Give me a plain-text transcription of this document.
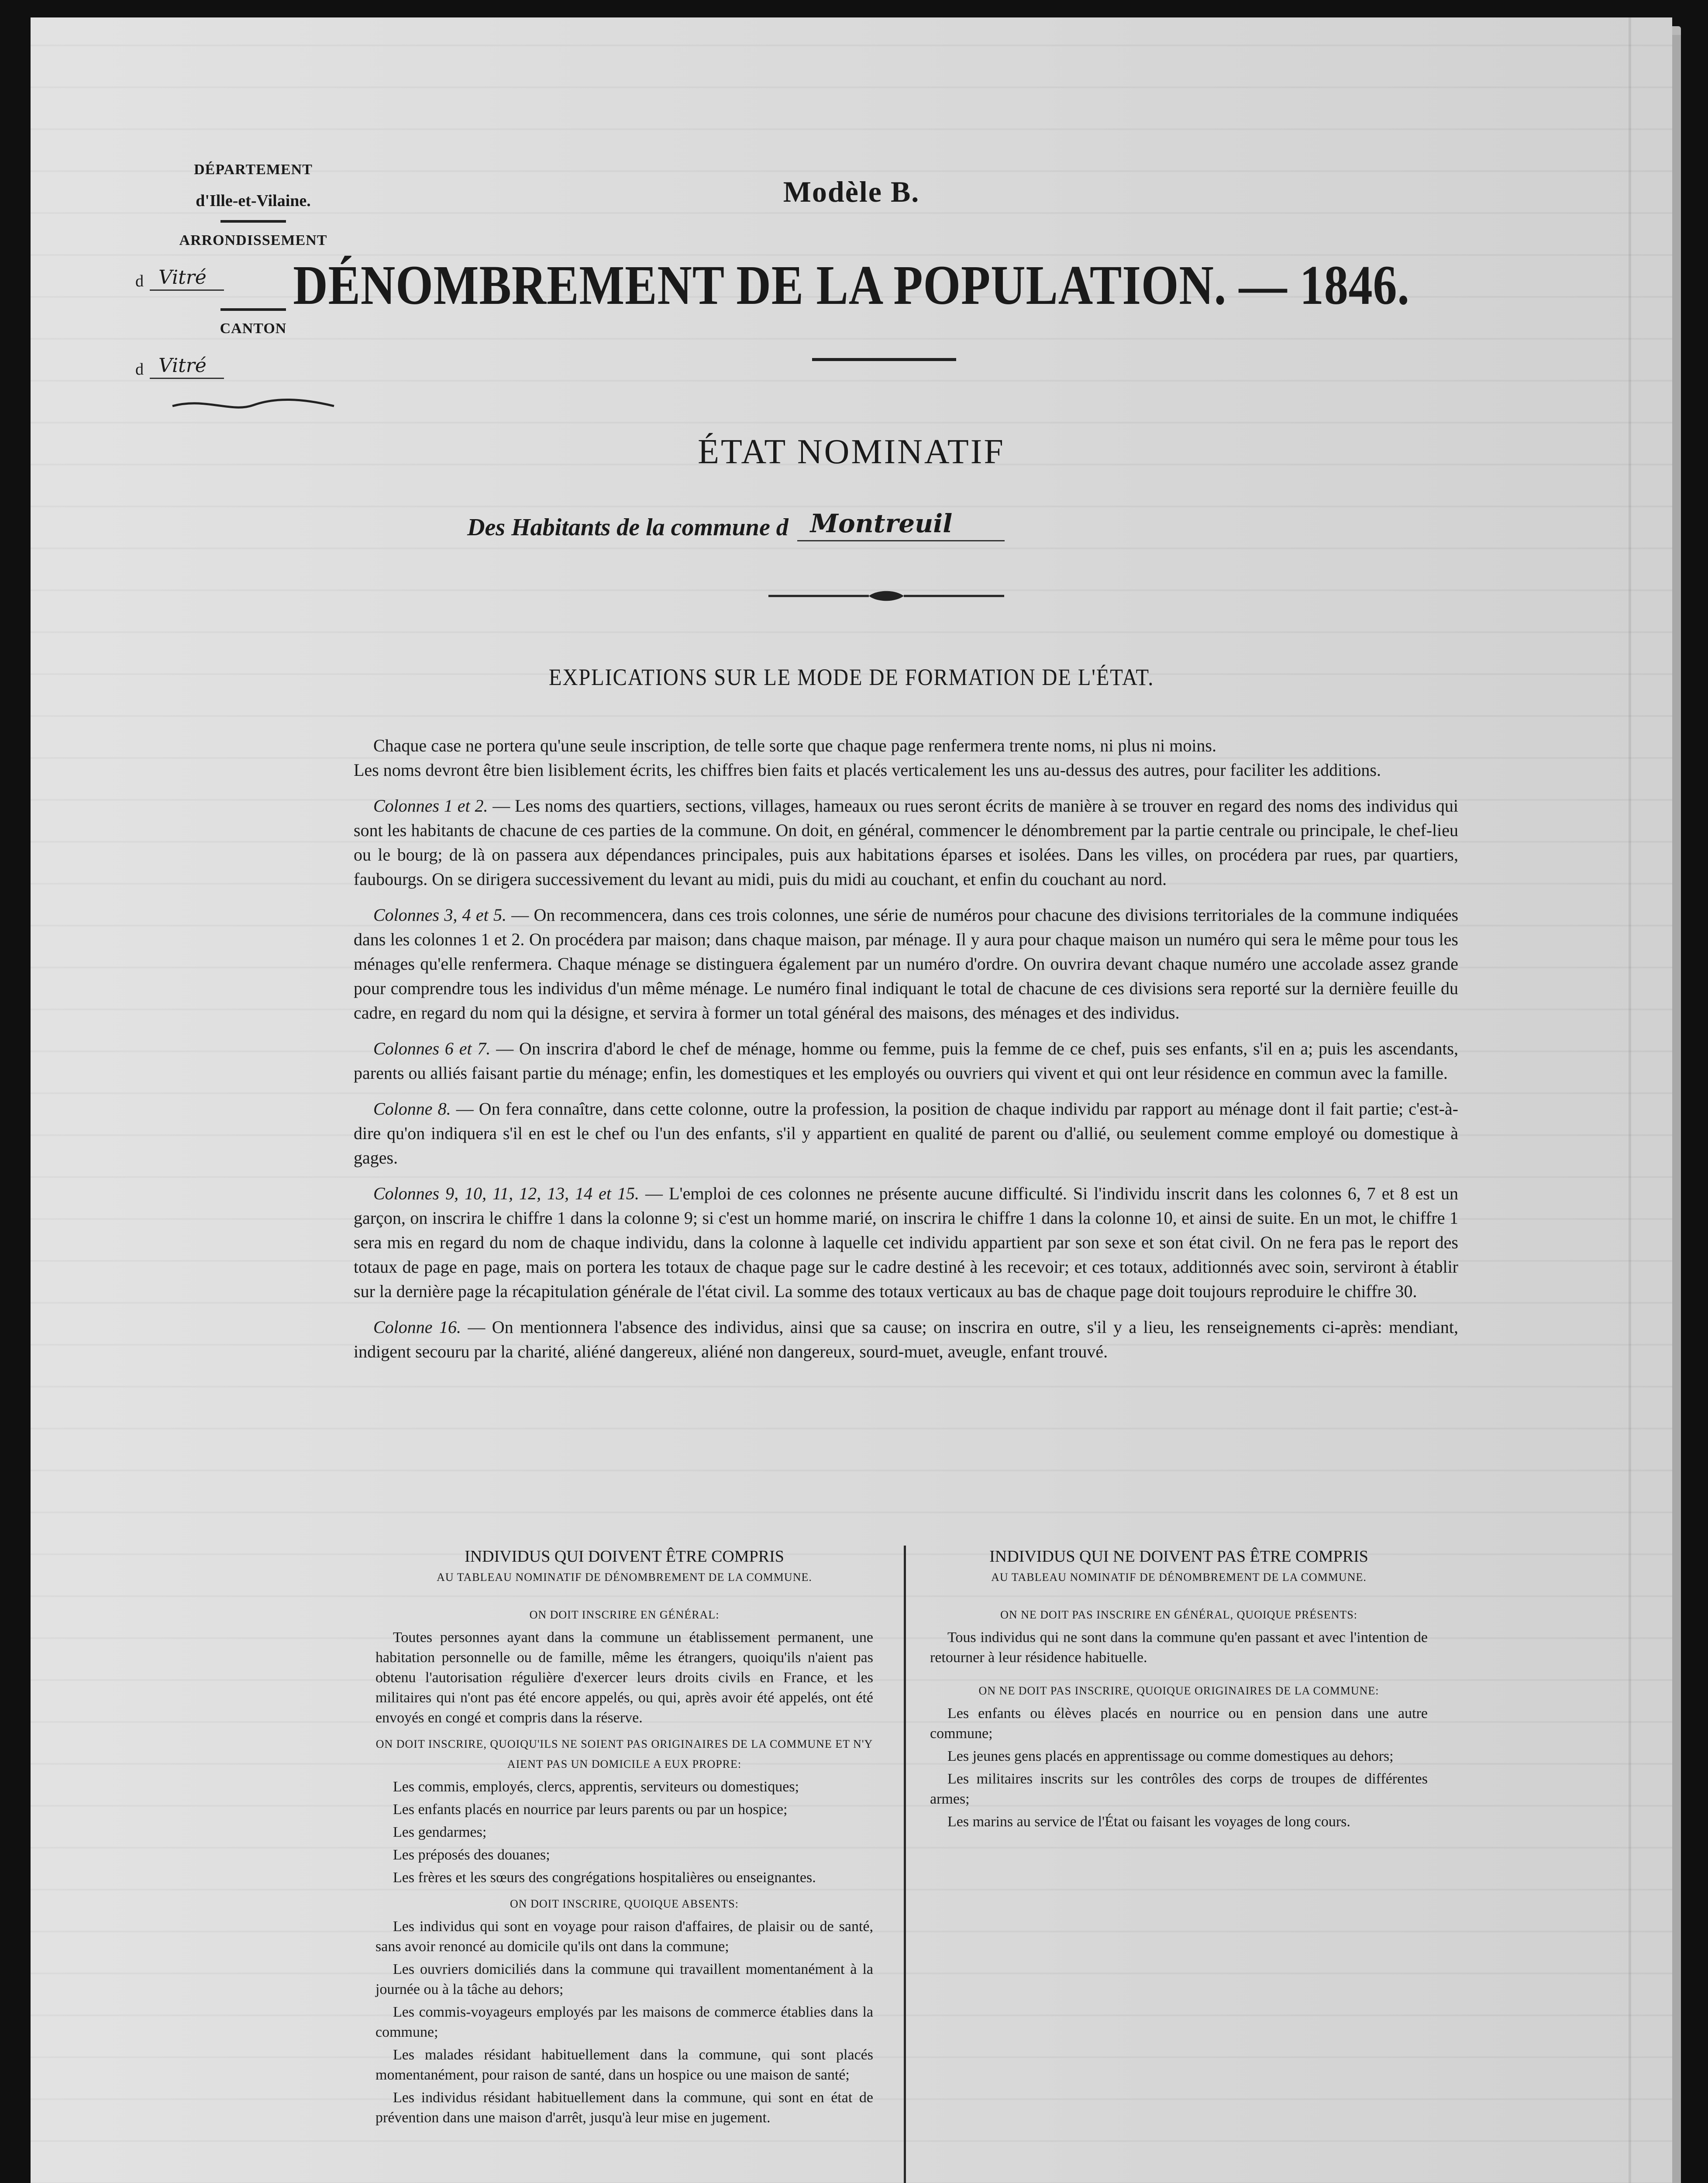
DÉPARTEMENT
d'Ille-et-Vilaine.
ARRONDISSEMENT
d Vitré
CANTON
d Vitré
Modèle B.
DÉNOMBREMENT DE LA POPULATION. — 1846.
ÉTAT NOMINATIF
Des Habitants de la commune d Montreuil
EXPLICATIONS SUR LE MODE DE FORMATION DE L'ÉTAT.

Chaque case ne portera qu'une seule inscription, de telle sorte que chaque page renfermera trente noms, ni plus ni moins.

Les noms devront être bien lisiblement écrits, les chiffres bien faits et placés verticalement les uns au-dessus des autres, pour faciliter les additions.

Colonnes 1 et 2. — Les noms des quartiers, sections, villages, hameaux ou rues seront écrits de manière à se trouver en regard des noms des individus qui sont les habitants de chacune de ces parties de la commune. On doit, en général, commencer le dénombrement par la partie centrale ou principale, le chef-lieu ou le bourg; de là on passera aux dépendances principales, puis aux habitations éparses et isolées. Dans les villes, on procédera par rues, par quartiers, faubourgs. On se dirigera successivement du levant au midi, puis du midi au couchant, et enfin du couchant au nord.

Colonnes 3, 4 et 5. — On recommencera, dans ces trois colonnes, une série de numéros pour chacune des divisions territoriales de la commune indiquées dans les colonnes 1 et 2. On procédera par maison; dans chaque maison, par ménage. Il y aura pour chaque maison un numéro qui sera le même pour tous les ménages qu'elle renfermera. Chaque ménage se distinguera également par un numéro d'ordre. On ouvrira devant chaque numéro une accolade assez grande pour comprendre tous les individus d'un même ménage. Le numéro final indiquant le total de chacune de ces divisions sera reporté sur la dernière feuille du cadre, en regard du nom qui la désigne, et servira à former un total général des maisons, des ménages et des individus.

Colonnes 6 et 7. — On inscrira d'abord le chef de ménage, homme ou femme, puis la femme de ce chef, puis ses enfants, s'il en a; puis les ascendants, parents ou alliés faisant partie du ménage; enfin, les domestiques et les employés ou ouvriers qui vivent et qui ont leur résidence en commun avec la famille.

Colonne 8. — On fera connaître, dans cette colonne, outre la profession, la position de chaque individu par rapport au ménage dont il fait partie; c'est-à-dire qu'on indiquera s'il en est le chef ou l'un des enfants, s'il y appartient en qualité de parent ou d'allié, ou seulement comme employé ou domestique à gages.

Colonnes 9, 10, 11, 12, 13, 14 et 15. — L'emploi de ces colonnes ne présente aucune difficulté. Si l'individu inscrit dans les colonnes 6, 7 et 8 est un garçon, on inscrira le chiffre 1 dans la colonne 9; si c'est un homme marié, on inscrira le chiffre 1 dans la colonne 10, et ainsi de suite. En un mot, le chiffre 1 sera mis en regard du nom de chaque individu, dans la colonne à laquelle cet individu appartient par son sexe et son état civil. On ne fera pas le report des totaux de page en page, mais on portera les totaux de chaque page sur le cadre destiné à les recevoir; et ces totaux, additionnés avec soin, serviront à établir sur la dernière page la récapitulation générale de l'état civil. La somme des totaux verticaux au bas de chaque page doit toujours reproduire le chiffre 30.

Colonne 16. — On mentionnera l'absence des individus, ainsi que sa cause; on inscrira en outre, s'il y a lieu, les renseignements ci-après: mendiant, indigent secouru par la charité, aliéné dangereux, aliéné non dangereux, sourd-muet, aveugle, enfant trouvé.

INDIVIDUS QUI DOIVENT ÊTRE COMPRIS
AU TABLEAU NOMINATIF DE DÉNOMBREMENT DE LA COMMUNE.
ON DOIT INSCRIRE EN GÉNÉRAL:

Toutes personnes ayant dans la commune un établissement permanent, une habitation personnelle ou de famille, même les étrangers, quoiqu'ils n'aient pas obtenu l'autorisation régulière d'exercer leurs droits civils en France, et les militaires qui n'ont pas été encore appelés, ou qui, après avoir été appelés, ont été envoyés en congé et compris dans la réserve.

ON DOIT INSCRIRE, QUOIQU'ILS NE SOIENT PAS ORIGINAIRES DE LA COMMUNE ET N'Y AIENT PAS UN DOMICILE A EUX PROPRE:

Les commis, employés, clercs, apprentis, serviteurs ou domestiques;

Les enfants placés en nourrice par leurs parents ou par un hospice;

Les gendarmes;

Les préposés des douanes;

Les frères et les sœurs des congrégations hospitalières ou enseignantes.

ON DOIT INSCRIRE, QUOIQUE ABSENTS:

Les individus qui sont en voyage pour raison d'affaires, de plaisir ou de santé, sans avoir renoncé au domicile qu'ils ont dans la commune;

Les ouvriers domiciliés dans la commune qui travaillent momentanément à la journée ou à la tâche au dehors;

Les commis-voyageurs employés par les maisons de commerce établies dans la commune;

Les malades résidant habituellement dans la commune, qui sont placés momentanément, pour raison de santé, dans un hospice ou une maison de santé;

Les individus résidant habituellement dans la commune, qui sont en état de prévention dans une maison d'arrêt, jusqu'à leur mise en jugement.

INDIVIDUS QUI NE DOIVENT PAS ÊTRE COMPRIS
AU TABLEAU NOMINATIF DE DÉNOMBREMENT DE LA COMMUNE.
ON NE DOIT PAS INSCRIRE EN GÉNÉRAL, QUOIQUE PRÉSENTS:

Tous individus qui ne sont dans la commune qu'en passant et avec l'intention de retourner à leur résidence habituelle.

ON NE DOIT PAS INSCRIRE, QUOIQUE ORIGINAIRES DE LA COMMUNE:

Les enfants ou élèves placés en nourrice ou en pension dans une autre commune;

Les jeunes gens placés en apprentissage ou comme domestiques au dehors;

Les militaires inscrits sur les contrôles des corps de troupes de différentes armes;

Les marins au service de l'État ou faisant les voyages de long cours.
